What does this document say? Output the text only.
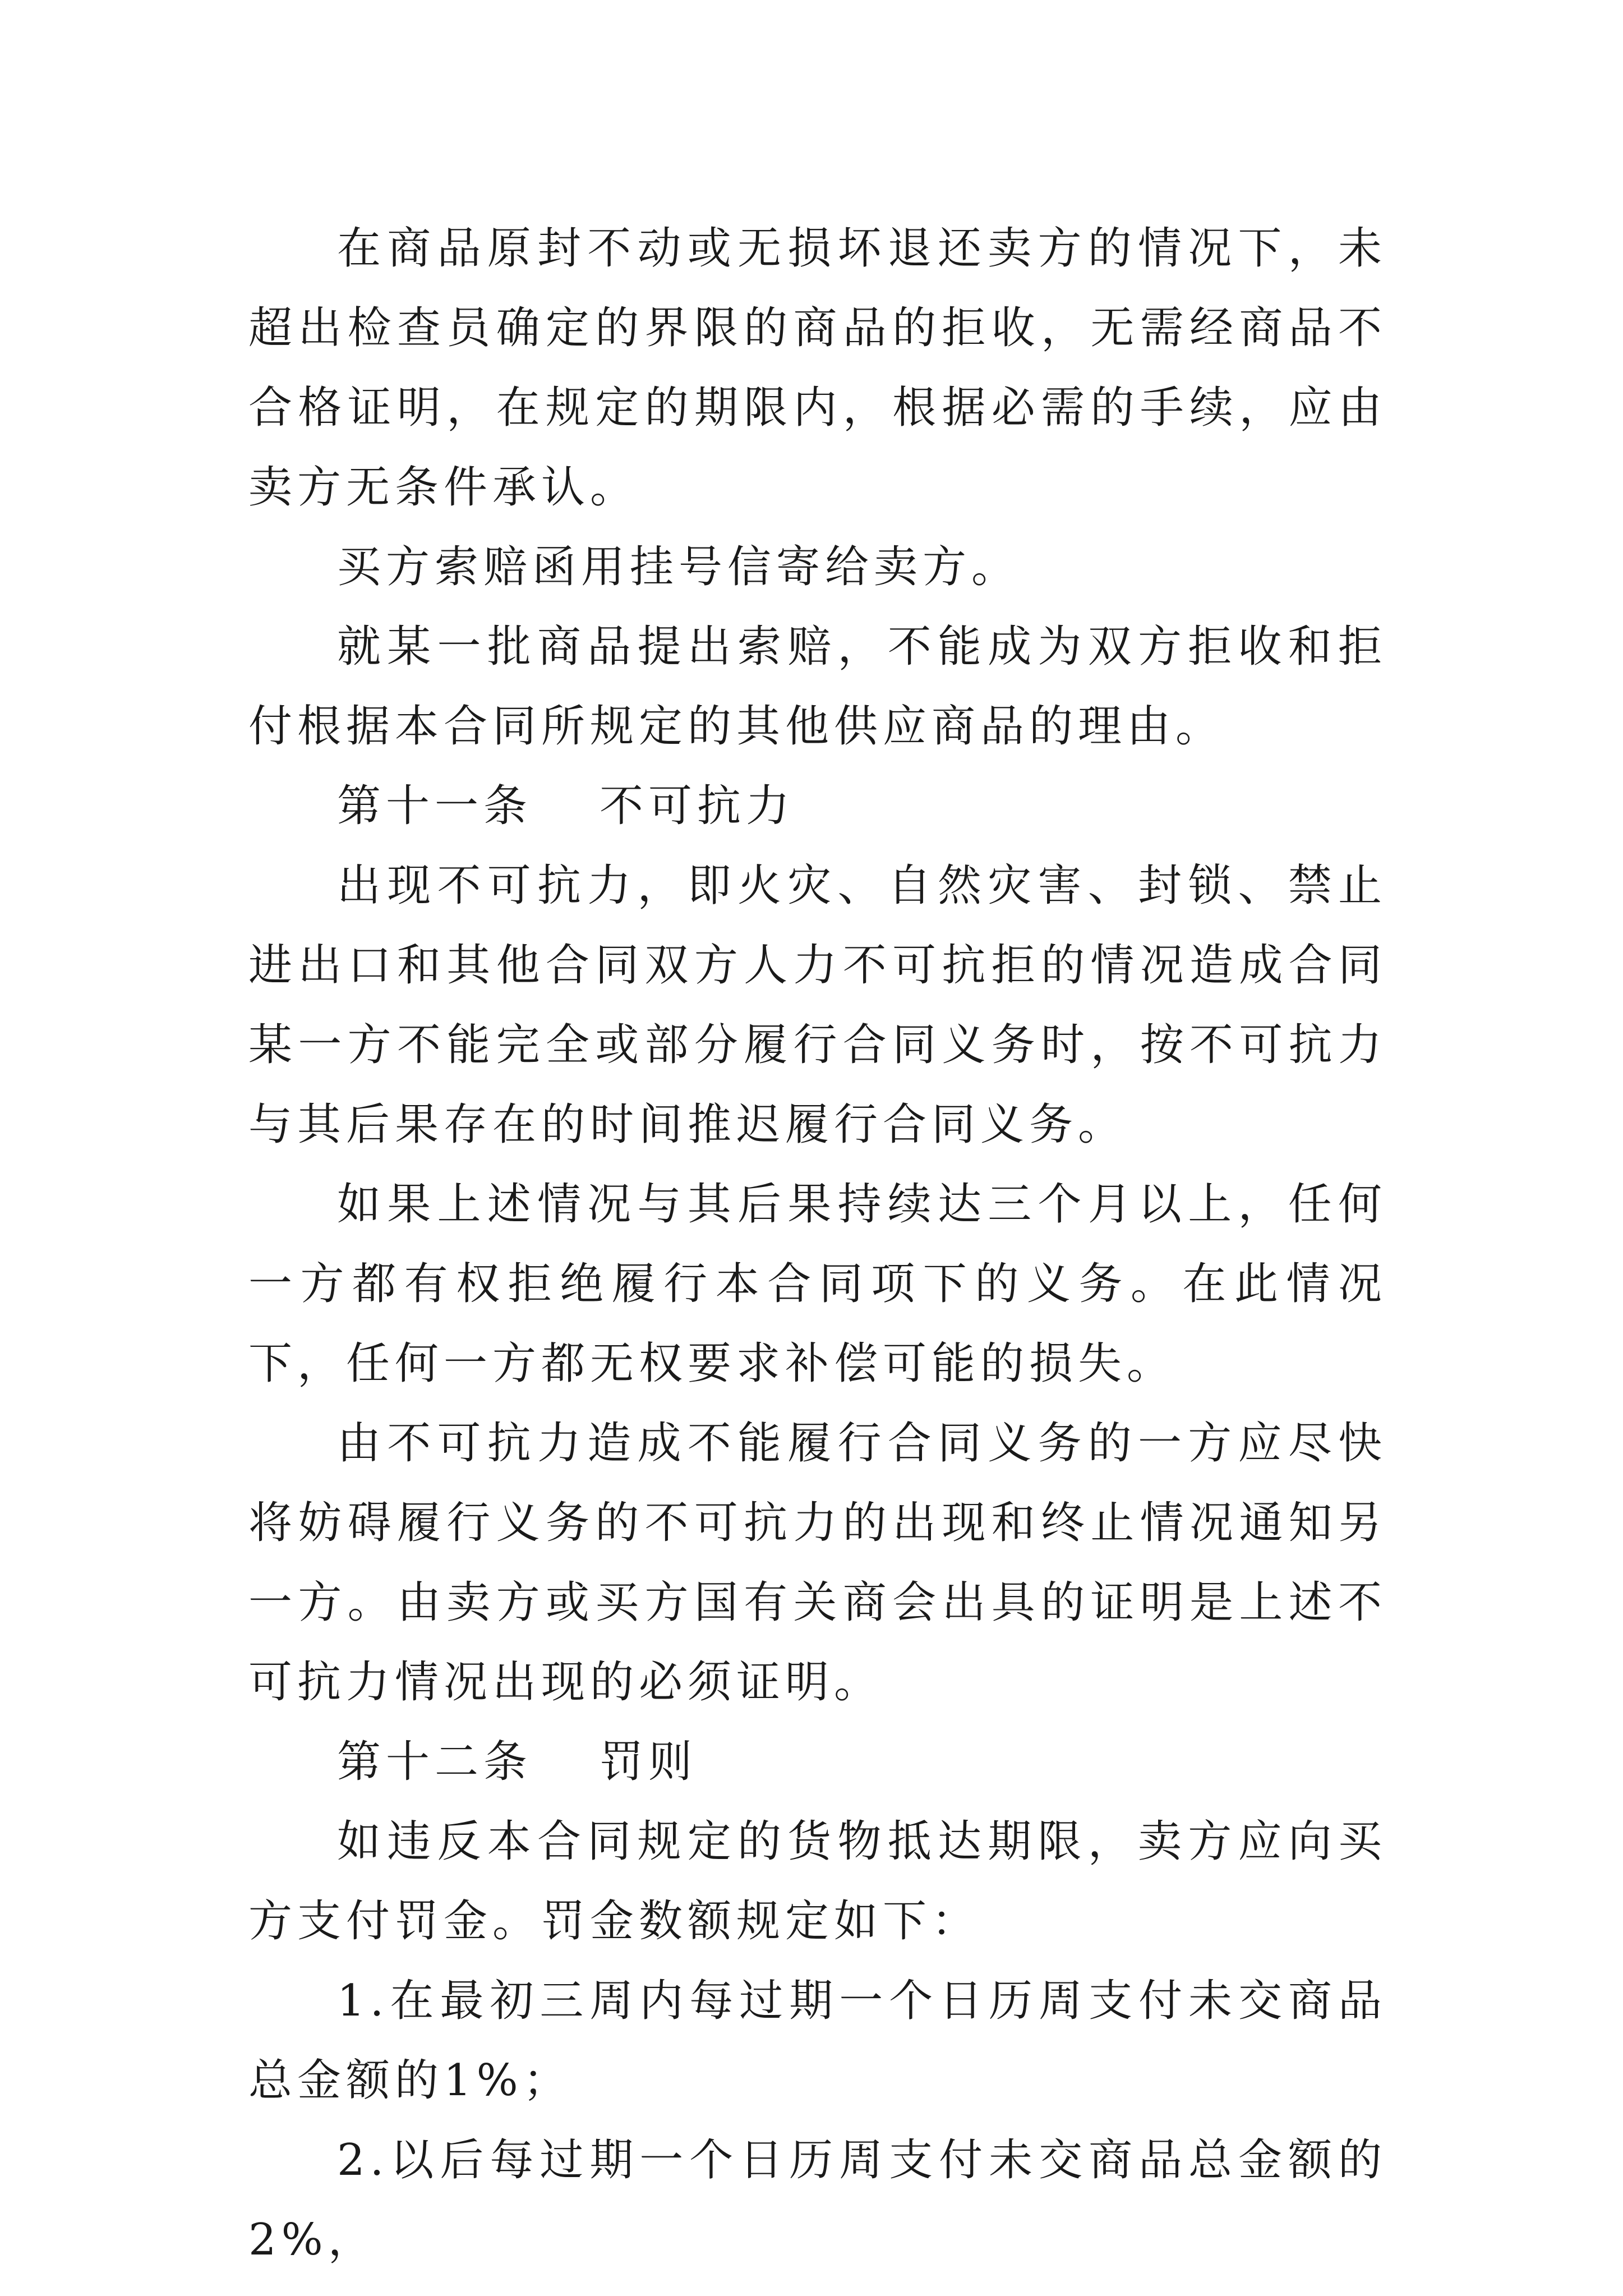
在商品原封不动或无损坏退还卖方的情况下，未超出检查员确定的界限的商品的拒收，无需经商品不合格证明，在规定的期限内，根据必需的手续，应由卖方无条件承认。

买方索赔函用挂号信寄给卖方。

就某一批商品提出索赔，不能成为双方拒收和拒付根据本合同所规定的其他供应商品的理由。

第十一条 不可抗力

出现不可抗力，即火灾、自然灾害、封锁、禁止进出口和其他合同双方人力不可抗拒的情况造成合同某一方不能完全或部分履行合同义务时，按不可抗力与其后果存在的时间推迟履行合同义务。

如果上述情况与其后果持续达三个月以上，任何一方都有权拒绝履行本合同项下的义务。在此情况下，任何一方都无权要求补偿可能的损失。

由不可抗力造成不能履行合同义务的一方应尽快将妨碍履行义务的不可抗力的出现和终止情况通知另一方。由卖方或买方国有关商会出具的证明是上述不可抗力情况出现的必须证明。

第十二条 罚则

如违反本合同规定的货物抵达期限，卖方应向买方支付罚金。罚金数额规定如下：

1.在最初三周内每过期一个日历周支付未交商品总金额的1%；

2.以后每过期一个日历周支付未交商品总金额的2%，
